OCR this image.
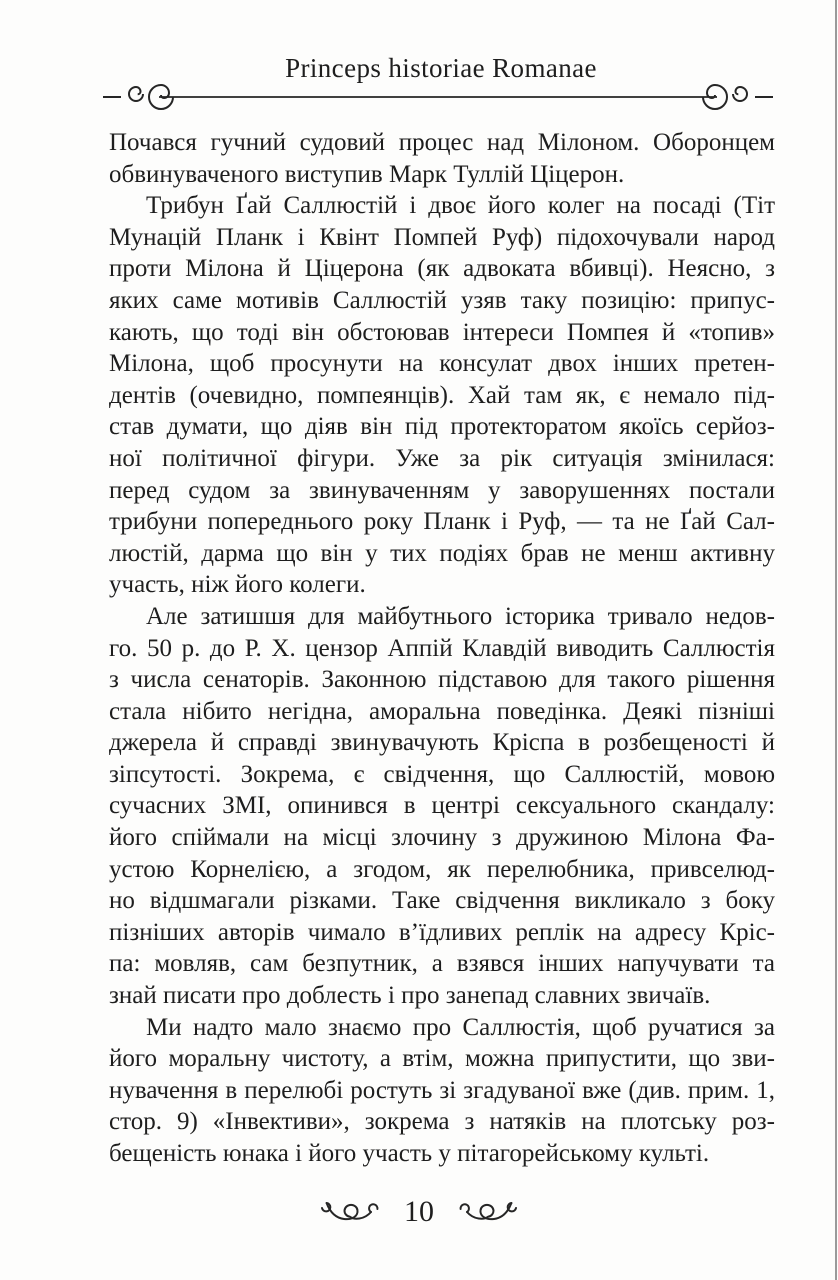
Princeps historiae Romanae
Почався гучний судовий процес над Мілоном. Оборонцем
обвинуваченого виступив Марк Туллій Ціцерон.
Трибун Ґай Саллюстій і двоє його колег на посаді (Тіт
Мунацій Планк і Квінт Помпей Руф) підохочували народ
проти Мілона й Ціцерона (як адвоката вбивці). Неясно, з
яких саме мотивів Саллюстій узяв таку позицію: припус-
кають, що тоді він обстоював інтереси Помпея й «топив»
Мілона, щоб просунути на консулат двох інших претен-
дентів (очевидно, помпеянців). Хай там як, є немало під-
став думати, що діяв він під протекторатом якоїсь серйоз-
ної політичної фігури. Уже за рік ситуація змінилася:
перед судом за звинуваченням у заворушеннях постали
трибуни попереднього року Планк і Руф, — та не Ґай Сал-
люстій, дарма що він у тих подіях брав не менш активну
участь, ніж його колеги.
Але затишшя для майбутнього історика тривало недов-
го. 50 р. до Р. Х. цензор Аппій Клавдій виводить Саллюстія
з числа сенаторів. Законною підставою для такого рішення
стала нібито негідна, аморальна поведінка. Деякі пізніші
джерела й справді звинувачують Кріспа в розбещеності й
зіпсутості. Зокрема, є свідчення, що Саллюстій, мовою
сучасних ЗМІ, опинився в центрі сексуального скандалу:
його спіймали на місці злочину з дружиною Мілона Фа-
устою Корнелією, а згодом, як перелюбника, привселюд-
но відшмагали різками. Таке свідчення викликало з боку
пізніших авторів чимало в’їдливих реплік на адресу Кріс-
па: мовляв, сам безпутник, а взявся інших напучувати та
знай писати про доблесть і про занепад славних звичаїв.
Ми надто мало знаємо про Саллюстія, щоб ручатися за
його моральну чистоту, а втім, можна припустити, що зви-
нувачення в перелюбі ростуть зі згадуваної вже (див. прим. 1,
стор. 9) «Інвективи», зокрема з натяків на плотську роз-
бещеність юнака і його участь у пітагорейському культі.
10
